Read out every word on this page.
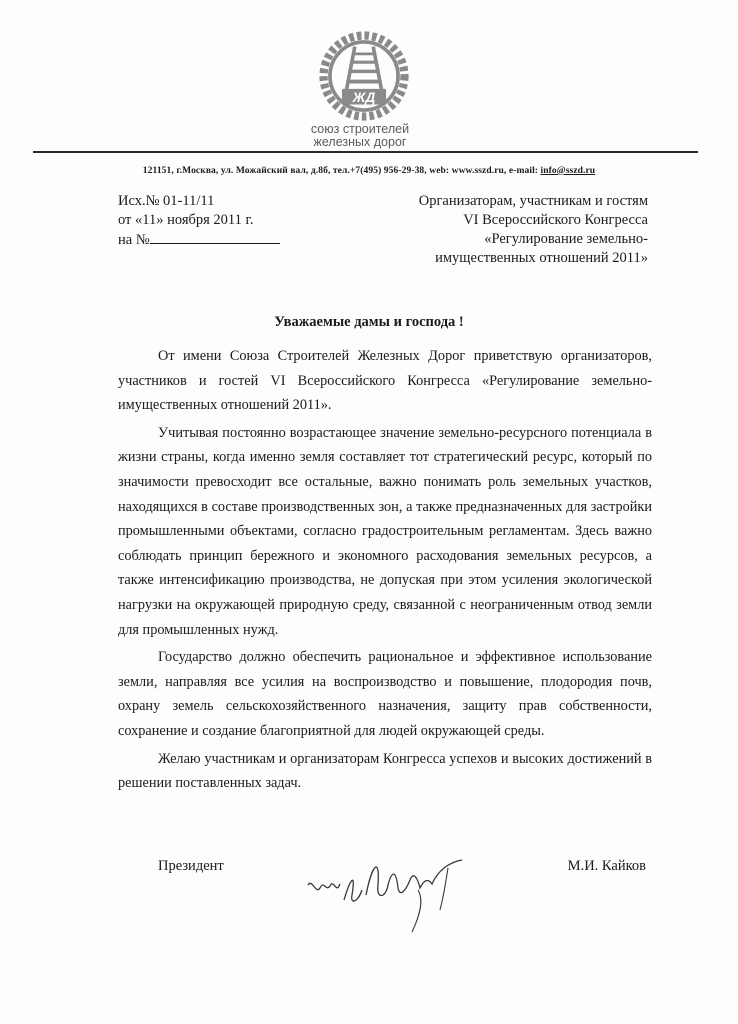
ЖД
союз строителей
железных дорог
121151, г.Москва, ул. Можайский вал, д.8б, тел.+7(495) 956-29-38, web: www.sszd.ru, e-mail: info@sszd.ru
Исх.№ 01-11/11
от «11» ноября 2011 г.
на №
Организаторам, участникам и гостям
VI Всероссийского Конгресса
«Регулирование земельно-
имущественных отношений 2011»
Уважаемые дамы и господа !

От имени Союза Строителей Железных Дорог приветствую организаторов, участников и гостей VI Всероссийского Конгресса «Регулирование земельно-имущественных отношений 2011».

Учитывая постоянно возрастающее значение земельно-ресурсного потенциала в жизни страны, когда именно земля составляет тот стратегический ресурс, который по значимости превосходит все остальные, важно понимать роль земельных участков, находящихся в составе производственных зон, а также предназначенных для застройки промышленными объектами, согласно градостроительным регламентам. Здесь важно соблюдать принцип бережного и экономного расходования земельных ресурсов, а также интенсификацию производства, не допуская при этом усиления экологической нагрузки на окружающей природную среду, связанной с неограниченным отвод земли для промышленных нужд.

Государство должно обеспечить рациональное и эффективное использование земли, направляя все усилия на воспроизводство и повышение, плодородия почв, охрану земель сельскохозяйственного назначения, защиту прав собственности, сохранение и создание благоприятной для людей окружающей среды.

Желаю участникам и организаторам Конгресса успехов и высоких достижений в решении поставленных задач.

Президент	М.И. Кайков
